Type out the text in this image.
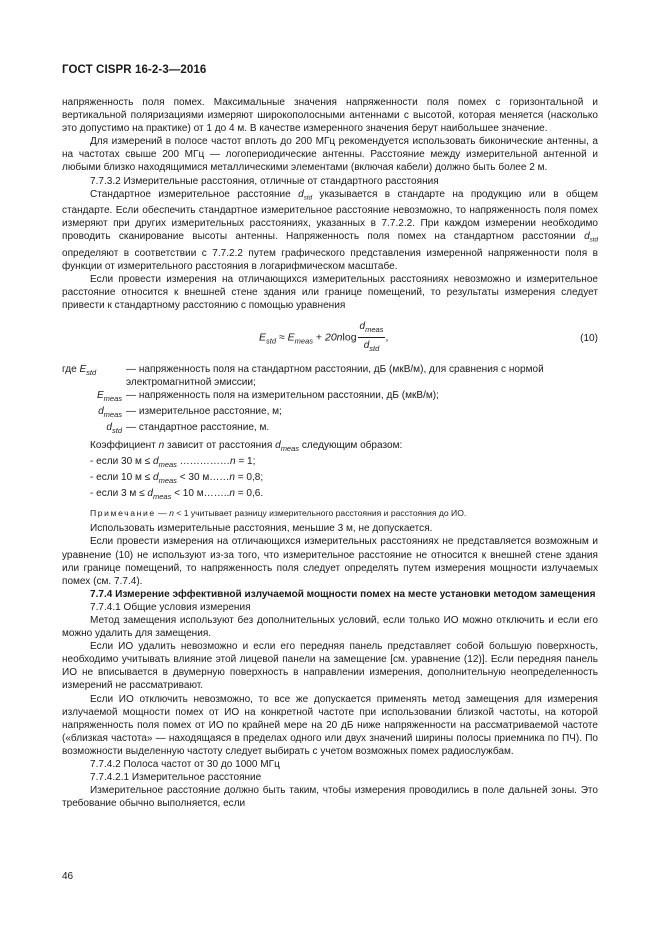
ГОСТ CISPR 16-2-3—2016

напряженность поля помех. Максимальные значения напряженности поля помех с горизонтальной и вертикальной поляризациями измеряют широкополосными антеннами с высотой, которая меняется (насколько это допустимо на практике) от 1 до 4 м. В качестве измеренного значения берут наибольшее значение.

Для измерений в полосе частот вплоть до 200 МГц рекомендуется использовать биконические антенны, а на частотах свыше 200 МГц — логопериодические антенны. Расстояние между измерительной антенной и любыми близко находящимися металлическими элементами (включая кабели) должно быть более 2 м.

7.7.3.2 Измерительные расстояния, отличные от стандартного расстояния

Стандартное измерительное расстояние $d_{std}$ указывается в стандарте на продукцию или в общем стандарте. Если обеспечить стандартное измерительное расстояние невозможно, то напряженность поля помех измеряют при других измерительных расстояниях, указанных в 7.7.2.2. При каждом измерении необходимо проводить сканирование высоты антенны. Напряженность поля помех на стандартном расстоянии $d_{std}$ определяют в соответствии с 7.7.2.2 путем графического представления измеренной напряженности поля в функции от измерительного расстояния в логарифмическом масштабе.

Если провести измерения на отличающихся измерительных расстояниях невозможно и измерительное расстояние относится к внешней стене здания или границе помещений, то результаты измерения следует привести к стандартному расстоянию с помощью уравнения

$E_{std} \approx E_{meas} + 20nlog \frac{d_{meas}}{d_{std}}$ ,	(10)
где $E_{std}$	— напряженность поля на стандартном расстоянии, дБ (мкВ/м), для сравнения с нормой электромагнитной эмиссии;
$E_{meas}$ — напряженность поля на измерительном расстоянии, дБ (мкВ/м);
$d_{meas}$ — измерительное расстояние, м;
$d_{std}$ — стандартное расстояние, м.

Коэффициент n зависит от расстояния $d_{meas}$ следующим образом:

- если 30 $м \le d_{meas}$ ……………n = 1;

- если 10 $м \le d_{meas} < 30$ м……n = 0,8;

- если 3 $м \le d_{meas} < 10$ м……..n = 0,6.

Примечание — n < 1 учитывает разницу измерительного расстояния и расстояния до ИО.

Использовать измерительные расстояния, меньшие 3 м, не допускается.

Если провести измерения на отличающихся измерительных расстояниях не представляется возможным и уравнение (10) не используют из-за того, что измерительное расстояние не относится к внешней стене здания или границе помещений, то напряженность поля следует определять путем измерения мощности излучаемых помех (см. 7.7.4).

7.7.4 Измерение эффективной излучаемой мощности помех на месте установки методом замещения

7.7.4.1 Общие условия измерения

Метод замещения используют без дополнительных условий, если только ИО можно отключить и если его можно удалить для замещения.

Если ИО удалить невозможно и если его передняя панель представляет собой большую поверхность, необходимо учитывать влияние этой лицевой панели на замещение [см. уравнение (12)]. Если передняя панель ИО не вписывается в двумерную поверхность в направлении измерения, дополнительную неопределенность измерений не рассматривают.

Если ИО отключить невозможно, то все же допускается применять метод замещения для измерения излучаемой мощности помех от ИО на конкретной частоте при использовании близкой частоты, на которой напряженность поля помех от ИО по крайней мере на 20 дБ ниже напряженности на рассматриваемой частоте («близкая частота» — находящаяся в пределах одного или двух значений ширины полосы приемника по ПЧ). По возможности выделенную частоту следует выбирать с учетом возможных помех радиослужбам.

7.7.4.2 Полоса частот от 30 до 1000 МГц

7.7.4.2.1 Измерительное расстояние

Измерительное расстояние должно быть таким, чтобы измерения проводились в поле дальней зоны. Это требование обычно выполняется, если

46
